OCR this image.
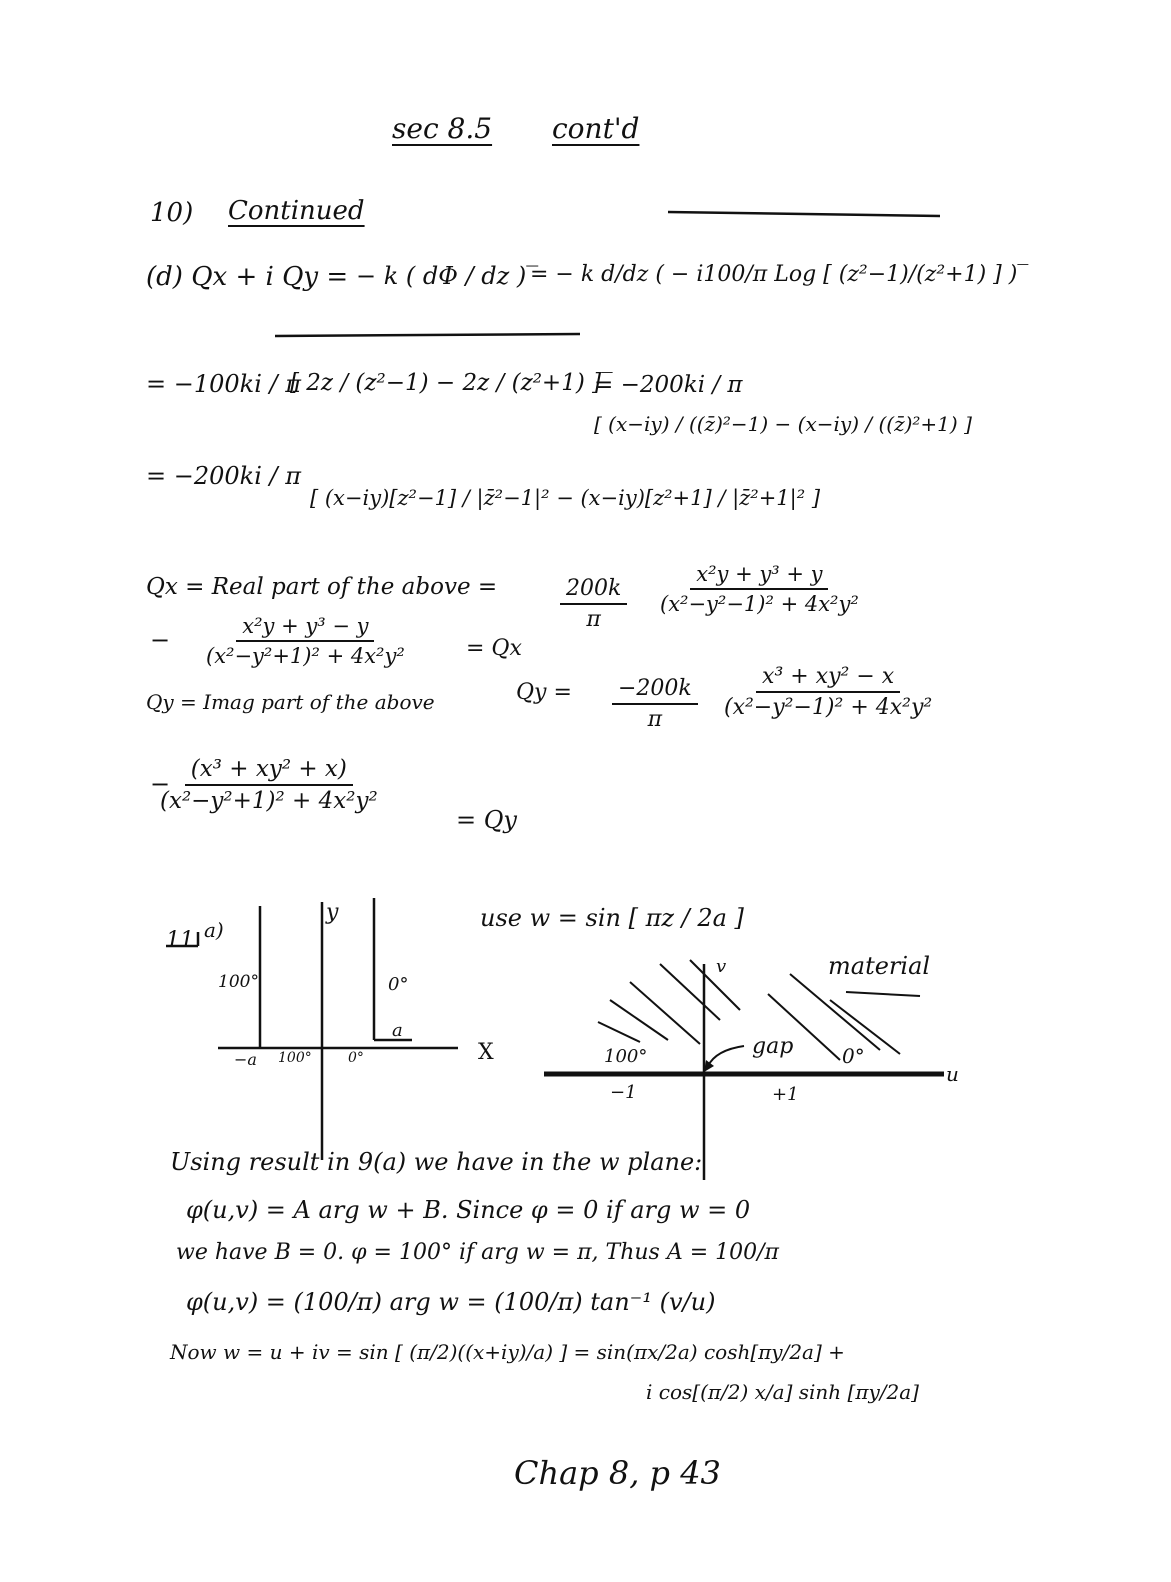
sec 8.5 cont'd
10) Continued
(d) Qx + i Qy = − k ( dΦ / dz )‾
= − k d/dz ( − i100/π Log [ (z²−1)/(z²+1) ] )‾
= −100ki / π
[ 2z / (z²−1) − 2z / (z²+1) ]‾
= −200ki / π
[ (x−iy) / ((z̄)²−1) − (x−iy) / ((z̄)²+1) ]
= −200ki / π
[ (x−iy)[z²−1] / |z̄²−1|² − (x−iy)[z²+1] / |z̄²+1|² ]
Qx = Real part of the above =	$\frac{200k}{\pi} \frac{\text{x²y + y³ + y}}{\text{(x²−y²−1)² + 4x²y²}}$
− $\frac{\text{x²y + y³ − y}}{\text{(x²−y²+1)² + 4x²y²}}$	= Qx
Qy = Imag part of the above	$Qy = \frac{-200k}{\pi} \frac{\text{x³ + xy² − x}}{\text{(x²−y²−1)² + 4x²y²}}$
−
$\frac{\text{(x³ + xy² + x)}}{\text{(x²−y²+1)² + 4x²y²}}$
= Qy
11 a)	use w = sin [ πz / 2a ]
y
100°	0°
a
−a 100°	0°	X
v	material
gap
100°	0°
u
−1	+1
Using result in 9(a) we have in the w plane:
φ(u,v) = A arg w + B. Since φ = 0 if arg w = 0
we have B = 0. φ = 100° if arg w = π, Thus A = 100/π
φ(u,v) = (100/π) arg w = (100/π) tan⁻¹ (v/u)
Now w = u + iv = sin [ (π/2)((x+iy)/a) ] = sin(πx/2a) cosh[πy/2a] +
i cos[(π/2) x/a] sinh [πy/2a]
Chap 8, p 43
